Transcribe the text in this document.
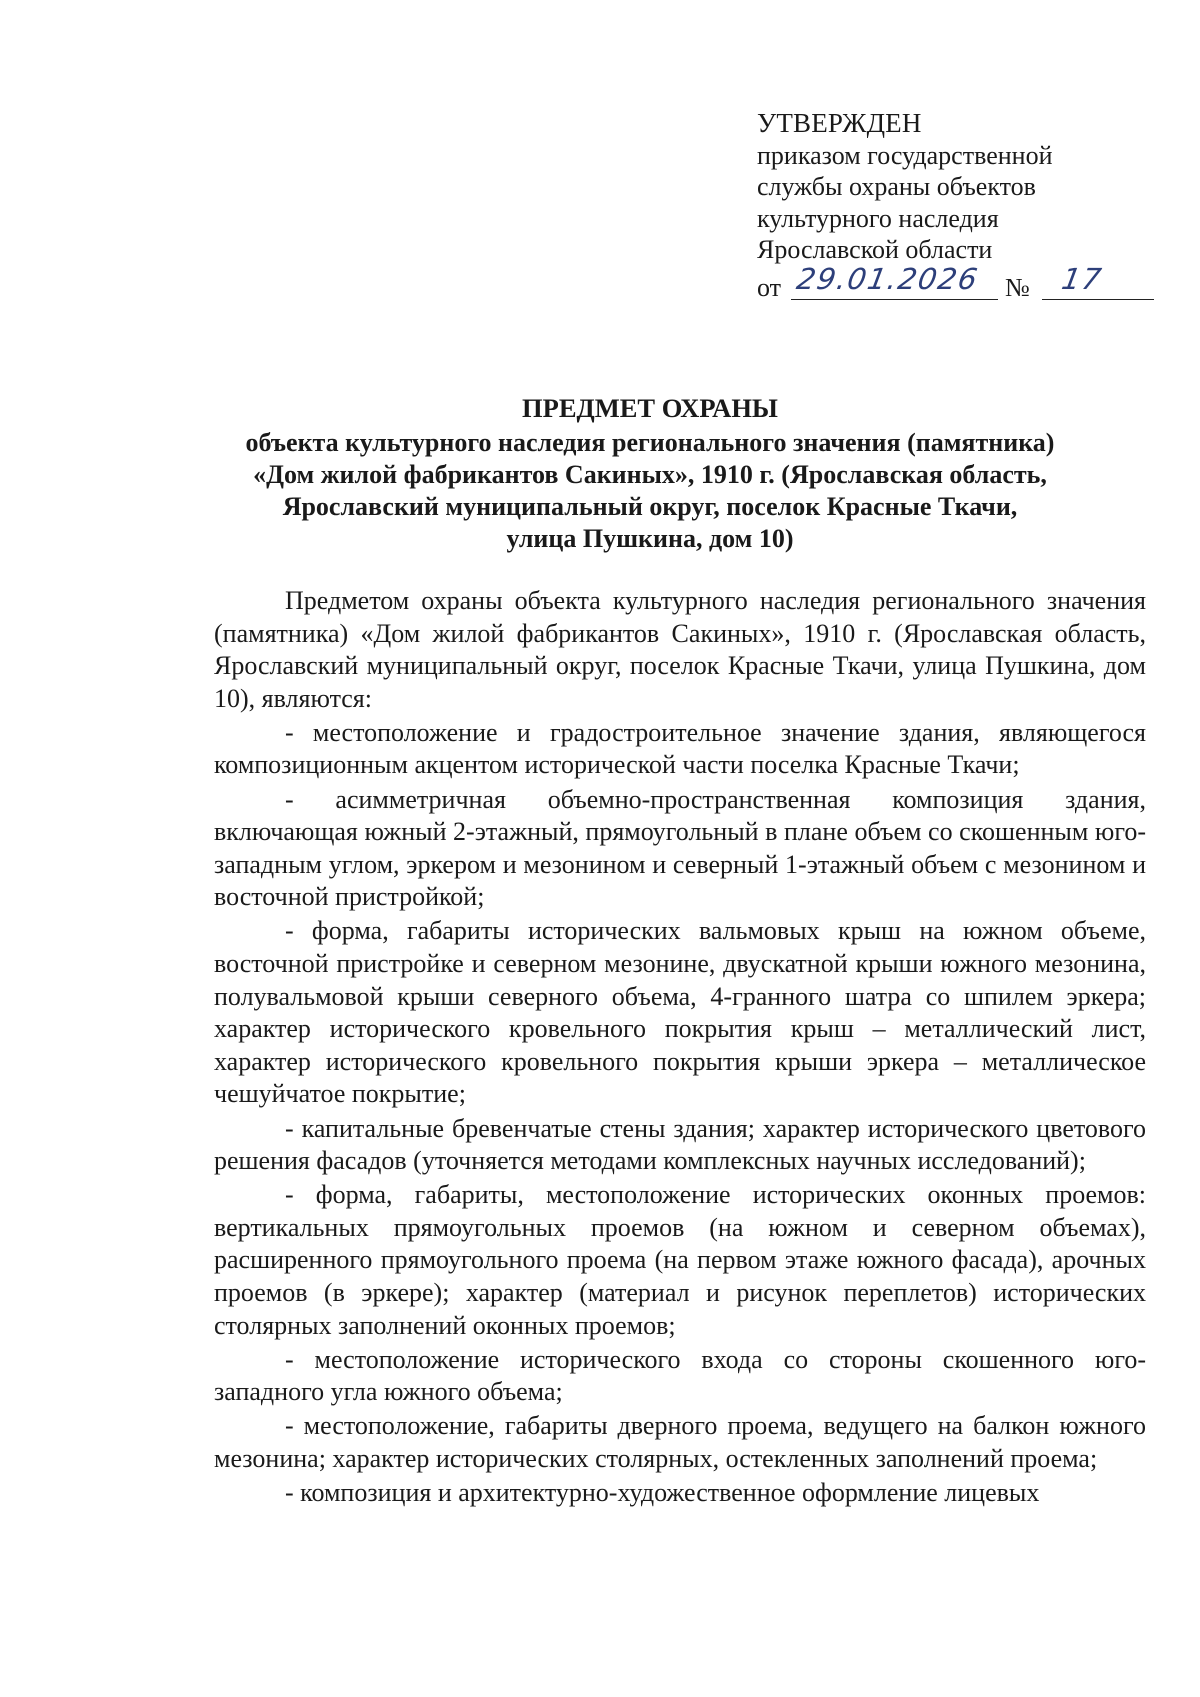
УТВЕРЖДЕН
приказом государственной
службы охраны объектов
культурного наследия
Ярославской области
от 29.01.2026 № 17
ПРЕДМЕТ ОХРАНЫ
объекта культурного наследия регионального значения (памятника)
«Дом жилой фабрикантов Сакиных», 1910 г. (Ярославская область,
Ярославский муниципальный округ, поселок Красные Ткачи,
улица Пушкина, дом 10)

Предметом охраны объекта культурного наследия регионального значения (памятника) «Дом жилой фабрикантов Сакиных», 1910 г. (Ярославская область, Ярославский муниципальный округ, поселок Красные Ткачи, улица Пушкина, дом 10), являются:

- местоположение и градостроительное значение здания, являющегося композиционным акцентом исторической части поселка Красные Ткачи;

- асимметричная объемно-пространственная композиция здания, включающая южный 2-этажный, прямоугольный в плане объем со скошенным юго-западным углом, эркером и мезонином и северный 1-этажный объем с мезонином и восточной пристройкой;

- форма, габариты исторических вальмовых крыш на южном объеме, восточной пристройке и северном мезонине, двускатной крыши южного мезонина, полувальмовой крыши северного объема, 4-гранного шатра со шпилем эркера; характер исторического кровельного покрытия крыш – металлический лист, характер исторического кровельного покрытия крыши эркера – металлическое чешуйчатое покрытие;

- капитальные бревенчатые стены здания; характер исторического цветового решения фасадов (уточняется методами комплексных научных исследований);

- форма, габариты, местоположение исторических оконных проемов: вертикальных прямоугольных проемов (на южном и северном объемах), расширенного прямоугольного проема (на первом этаже южного фасада), арочных проемов (в эркере); характер (материал и рисунок переплетов) исторических столярных заполнений оконных проемов;

- местоположение исторического входа со стороны скошенного юго-западного угла южного объема;

- местоположение, габариты дверного проема, ведущего на балкон южного мезонина; характер исторических столярных, остекленных заполнений проема;

- композиция и архитектурно-художественное оформление лицевых
